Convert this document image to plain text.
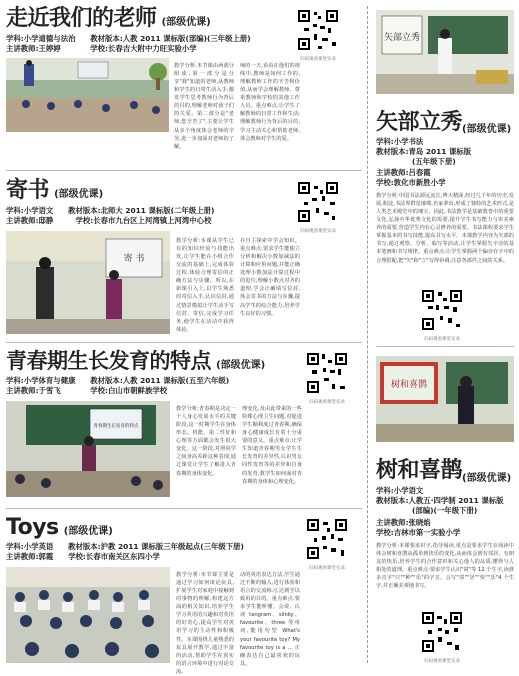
走近我们的老师 (部级优课)
学科:小学道德与法治　　教材版本:人教 2011 课标版(部编)(三年级上册)
主讲教师:王婷婷　　　　学校:长春吉大附中力旺实验小学
扫码观看课堂实录
教学分析:本节课由两部分组成,第一部分是分享"我"知道的老师,从教师和学生的日常生活入手,激发学生思考教师行为背后的目的,理解老师对孩子们的关爱。第二部分是"老师,您辛苦了",主要让学生从多个角度体会老师的辛劳,进一步加深对老师的了解。
师的一天,看看在他们的视线中,教师是如何工作的,理解教师工作的辛苦和价值,从而学会理解教师、尊重教师和学校的其他工作人员。重点难点:让学生了解教师的日常工作和生活;理解教师行为背后的目的,学习主动关心和帮助老师,体会教师对学生的爱。
寄书 (部级优课)
学科:小学语文　　教材版本:北师大 2011 课标版(二年级上册)
主讲教师:邸静　　　学校:长春市九台区上河湾镇上河湾中心校
扫码观看课堂实录
寄 书
教学分析:本课从学生已有的知识经验与技能出发,让学生能在小组合作交流的基础上,完成体验过程,体验合理寄信的正确方法与步骤。所以,在新课引入上,以学生熟悉的寄信入手,认识信封,通过情景模拟让学生动手写信封、寄信,完成学习任务,使学生在活动中获得体验。
在自主探索中学会知识。重点难点:要求学生能独立分析和解决小数加减法的计算和应用问题,并能正确处理小数加法计算过程中的进位,理解小数点对齐的道理,学会正确填写信封,体会寄书的方法与步骤,提高学生的综合能力,培养学生良好的习惯。
青春期生长发育的特点 (部级优课)
学科:小学体育与健康　　教材版本:人教 2011 课标版(五至六年级)
主讲教师:于雪飞　　　　学校:白山市朝鲜族学校
青春期生长发育的特点
教学分析:青春期是决定一个人身心发展水平的关键阶段,这一时期学生在身体形态、机能、第二性征和心理等方面都会发生很大变化。这一阶段,对照同学之间身高差距这种表现,通过课堂让学生了解进入青春期的身体变化。
理变化,及由此带来的一些特殊心理卫生问题,对促进学生顺利度过青春期,确保身心健康成长有着十分重要的意义。重点难点:让学生知道青春期男女学生生长发育的差异性,认识男女同性发育等的差异和自身的发育,教学生如何面对青春期的身体和心理变化。
扫码观看课堂实录
Toys (部级优课)
学科:小学英语　　教材版本:沪教 2011 课标版三年级起点(三年级下册)
主讲教师:郭霞　　学校:长春市南关区东四小学
教学分析:本节课主要是通过学习如何谈论玩具,扩展学生对家庭中接触到的事物的理解,构建这方面的相关知识,培养学生学习英语的兴趣和对英语的好奇心,提高学生对英语学习的主动性和积极性。本课围绕儿童熟悉的玩具展开教学,通过丰富的活动,帮助学生在真实的语言环境中进行对话交流。
动的英语表达方法,学生通过不断的输入,进行体验和语言的交流练习,达到学以致用的目的。重点难点:要求学生能听懂、会说、认读 tangram、slinky、favourite、three 等单词,能用句型 What's your favourite toy? My favourite toy is a ... 正确表达自己最喜欢的玩具。
扫码观看课堂实录
矢部立秀
矢部立秀 (部级优课)
学科:小学书法
教材版本:青岛 2011 课标版
(五年级下册)
主讲教师:吕春霞
学校:敦化市新胜小学
教学分析:中国书法源远流长,博大精深,经过几千年的历史,发展,积淀,书法界群星璀璨,名家辈出,形成了独特的艺术形式,是人类艺术殿堂中的瑰宝。因此,书法教学是基础教育中的重要文化,弘扬中华优秀文化的需要,提升学生书写能力与审美素养的需要,营造学生内在心灵修养的需要。书法课程要求学生掌握基本的书写技能,提高书写水平。本课教学内容为矢部的书写,通过观察、分析、临写等活动,让学生掌握矢字旁的基本笔画和书写规律。重点难点:让学生掌握两个偏旁在字中的合理搭配,把"矢"和"立"写得协调,注意各部件之间的关系。
扫码观看课堂实录
树和喜鹊
树和喜鹊 (部级优课)
学科:小学语文
教材版本:人教五·四学制 2011 课标版
(部编)(一年级下册)
主讲教师:张晓焰
学校:吉林市第一实验小学
教学分析:本课要求识字,指导阅读,重点是要求学生在阅读中体会树和喜鹊从孤单到快乐的变化,从而体会到有邻居、有朋友的快乐,培养学生的合作意识和关心他人的品质,懂得与人相处的道理。重点难点:要求学生认识"窝"等 12 个生字,读准多音字"只""种""乐"的字音。会写"邻""居""快""乐"4 个生字,并正确美观地书写。
扫码观看课堂实录
